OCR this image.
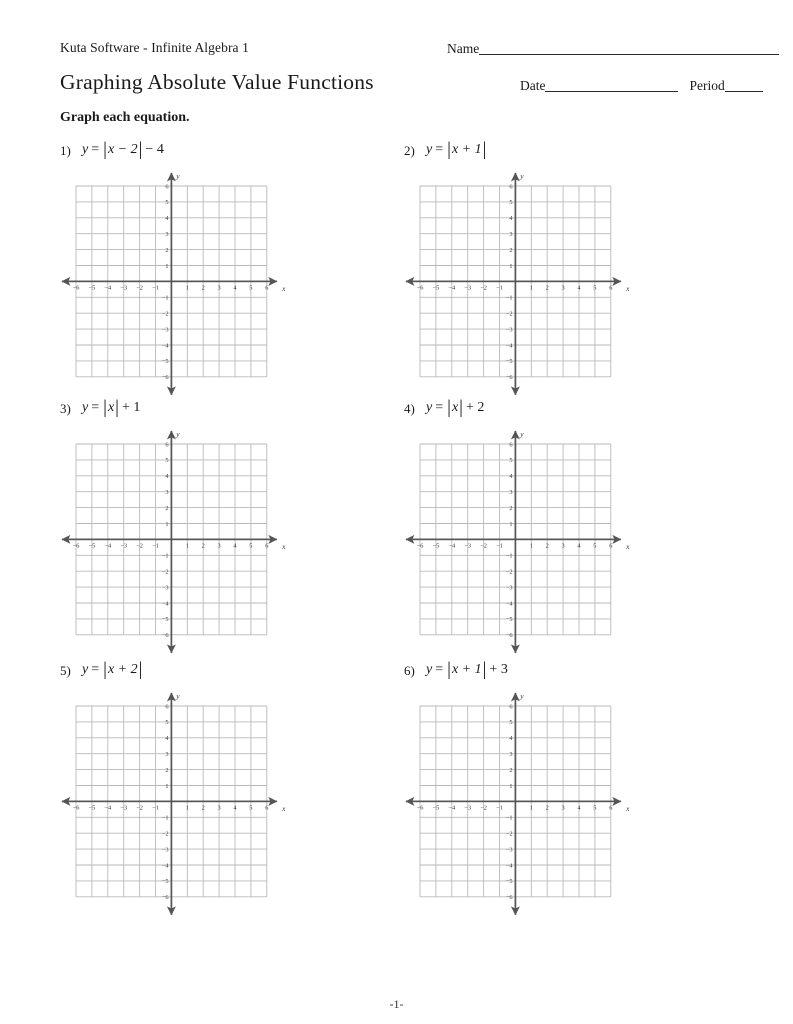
Kuta Software - Infinite Algebra 1
Graphing Absolute Value Functions
Graph each equation.
Name
Date	Period
1) y = |x − 2| − 4
−6 −5 −4 −3 −2 −1	1 2 3 4 5 6
6
5
4
3
2
1
−1
−2
−3
−4
−5
−6
x
y
2) y = |x + 1|
−6 −5 −4 −3 −2 −1	1 2 3 4 5 6
6
5
4
3
2
1
−1
−2
−3
−4
−5
−6
x
y
3) y = |x| + 1
−6 −5 −4 −3 −2 −1	1 2 3 4 5 6
6
5
4
3
2
1
−1
−2
−3
−4
−5
−6
x
y
4) y = |x| + 2
−6 −5 −4 −3 −2 −1	1 2 3 4 5 6
6
5
4
3
2
1
−1
−2
−3
−4
−5
−6
x
y
5) y = |x + 2|
−6 −5 −4 −3 −2 −1	1 2 3 4 5 6
6
5
4
3
2
1
−1
−2
−3
−4
−5
−6
x
y
6) y = |x + 1| + 3
−6 −5 −4 −3 −2 −1	1 2 3 4 5 6
6
5
4
3
2
1
−1
−2
−3
−4
−5
−6
x
y
-1-
